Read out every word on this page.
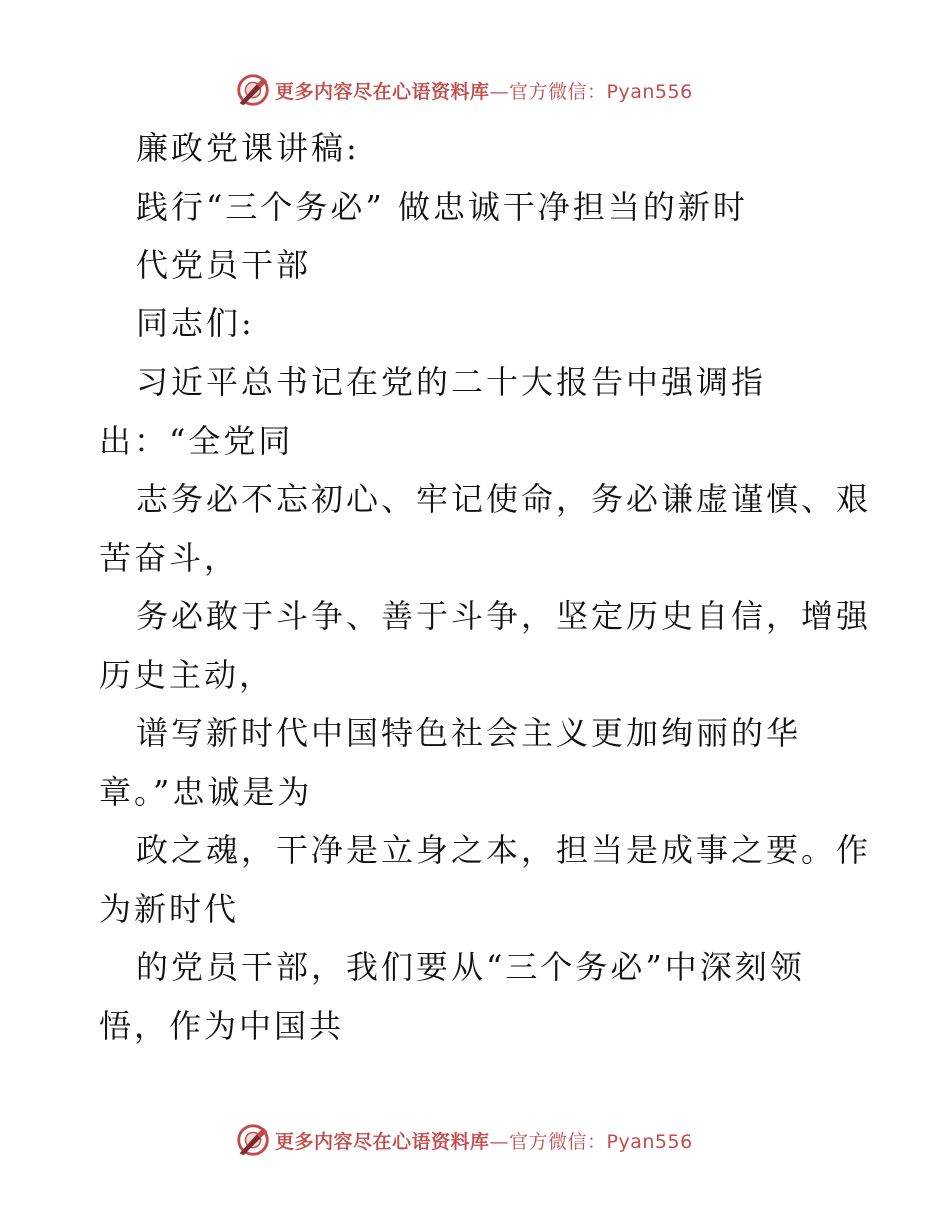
更多内容尽在心语资料库—官方微信：Pyan556
廉政党课讲稿:
践行“三个务必” 做忠诚干净担当的新时
代党员干部
同志们:
习近平总书记在党的二十大报告中强调指
出：“全党同
志务必不忘初心、牢记使命，务必谦虚谨慎、艰
苦奋斗，
务必敢于斗争、善于斗争，坚定历史自信，增强
历史主动，
谱写新时代中国特色社会主义更加绚丽的华
章。”忠诚是为
政之魂，干净是立身之本，担当是成事之要。作
为新时代
的党员干部，我们要从“三个务必”中深刻领
悟，作为中国共
更多内容尽在心语资料库—官方微信：Pyan556
